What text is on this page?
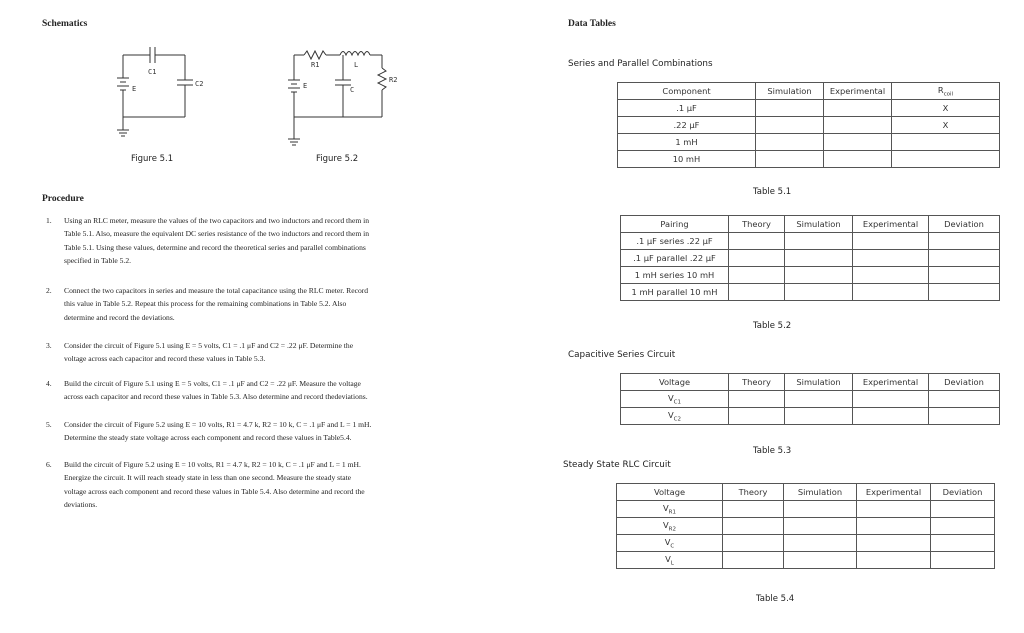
Schematics
C1
C2
E
Figure 5.1
R1	L
R2
E	C
Figure 5.2
Procedure
1. Using an RLC meter, measure the values of the two capacitors and two inductors and record them in
Table 5.1. Also, measure the equivalent DC series resistance of the two inductors and record them in
Table 5.1. Using these values, determine and record the theoretical series and parallel combinations
specified in Table 5.2.
2. Connect the two capacitors in series and measure the total capacitance using the RLC meter. Record
this value in Table 5.2. Repeat this process for the remaining combinations in Table 5.2. Also
determine and record the deviations.
3. Consider the circuit of Figure 5.1 using E = 5 volts, C1 = .1 μF and C2 = .22 μF. Determine the
voltage across each capacitor and record these values in Table 5.3.
4. Build the circuit of Figure 5.1 using E = 5 volts, C1 = .1 μF and C2 = .22 μF. Measure the voltage
across each capacitor and record these values in Table 5.3. Also determine and record thedeviations.
5. Consider the circuit of Figure 5.2 using E = 10 volts, R1 = 4.7 k, R2 = 10 k, C = .1 μF and L = 1 mH.
Determine the steady state voltage across each component and record these values in Table5.4.
6. Build the circuit of Figure 5.2 using E = 10 volts, R1 = 4.7 k, R2 = 10 k, C = .1 μF and L = 1 mH.
Energize the circuit. It will reach steady state in less than one second. Measure the steady state
voltage across each component and record these values in Table 5.4. Also determine and record the
deviations.
Data Tables
Series and Parallel Combinations
Component	Simulation	Experimental	$R_{coil}$
.1 μF			X
.22 μF			X
1 mH			
10 mH			
Table 5.1
Pairing	Theory	Simulation	Experimental	Deviation
.1 μF series .22 μF				
.1 μF parallel .22 μF				
1 mH series 10 mH				
1 mH parallel 10 mH				
Table 5.2
Capacitive Series Circuit
Voltage	Theory	Simulation	Experimental	Deviation
$V_{C1}$				
$V_{C2}$				
Table 5.3
Steady State RLC Circuit
Voltage	Theory	Simulation	Experimental	Deviation
$V_{R1}$				
$V_{R2}$				
$V_C$				
$V_L$				
Table 5.4
